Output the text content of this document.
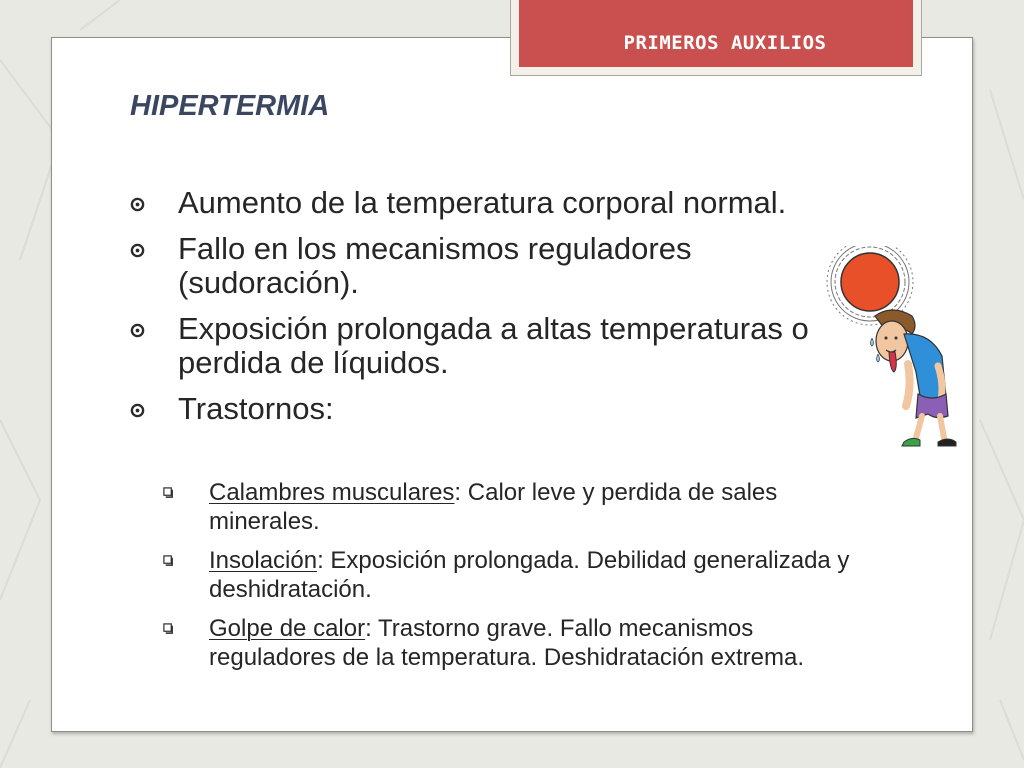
PRIMEROS AUXILIOS
HIPERTERMIA
Aumento de la temperatura corporal normal.
Fallo en los mecanismos reguladores (sudoración).
Exposición prolongada a altas temperaturas o perdida de líquidos.
Trastornos:
Calambres musculares: Calor leve y perdida de sales minerales.
Insolación: Exposición prolongada. Debilidad generalizada y deshidratación.
Golpe de calor: Trastorno grave. Fallo mecanismos reguladores de la temperatura. Deshidratación extrema.
